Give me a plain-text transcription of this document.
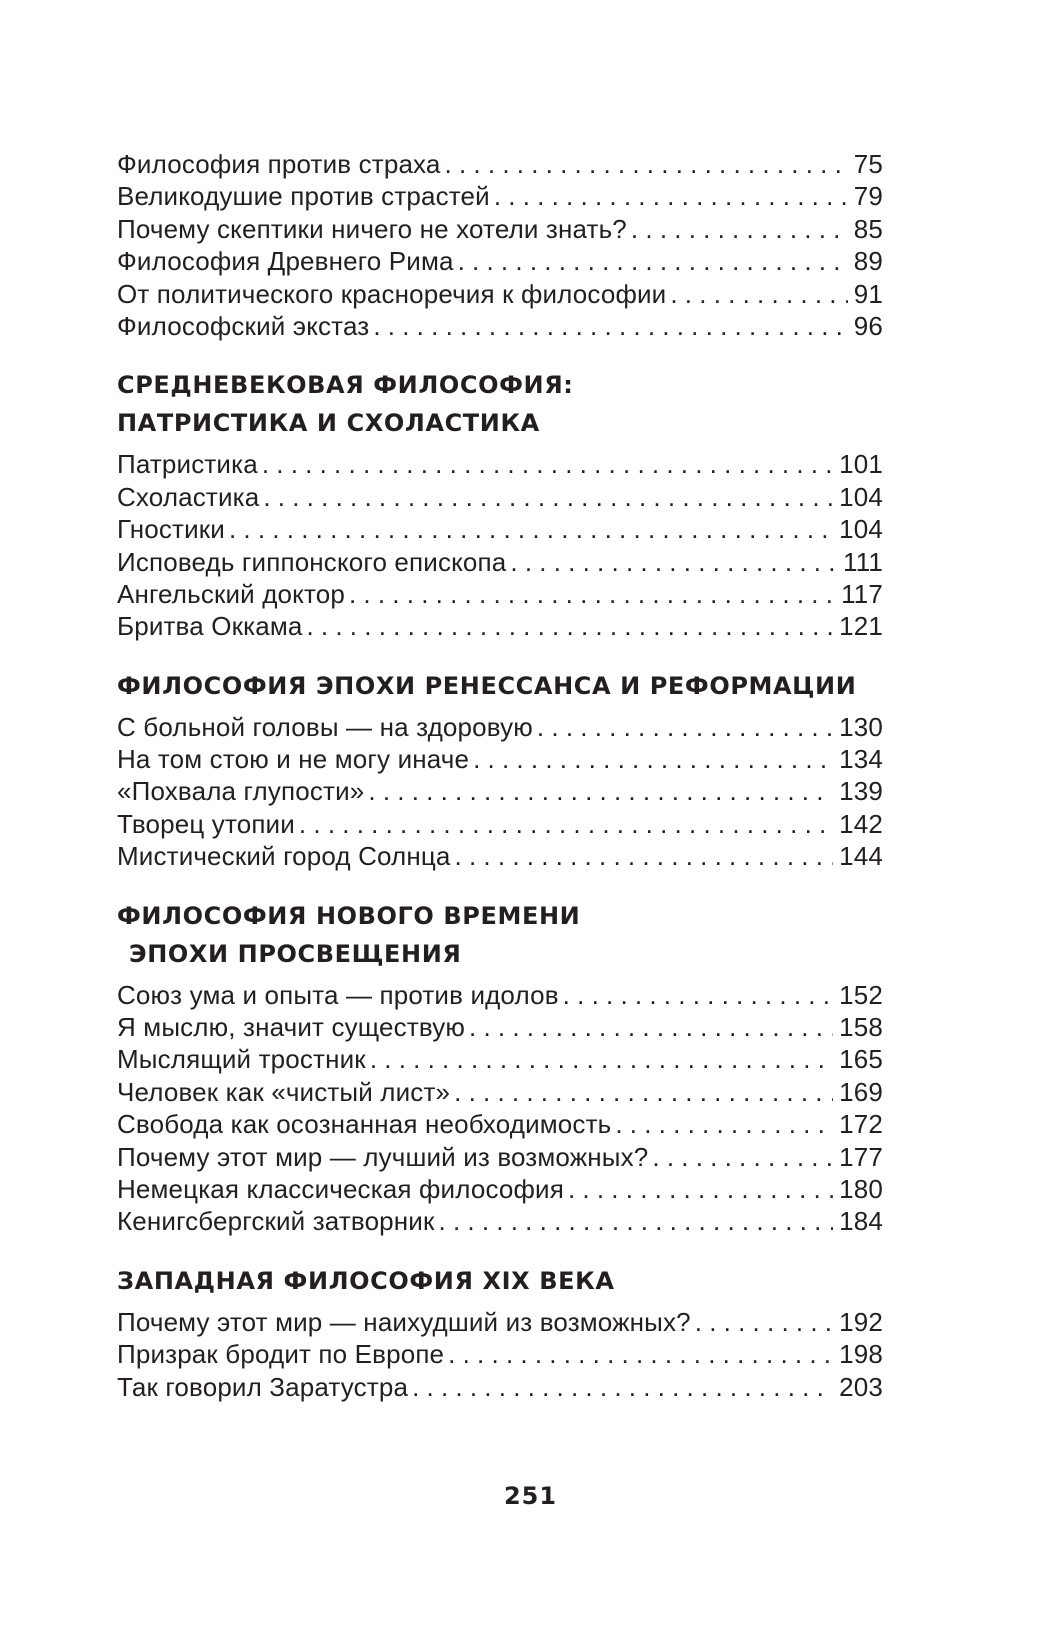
Философия против страха . . .	75
Великодушие против страстей . . .	79
Почему скептики ничего не хотели знать? . . .	85
Философия Древнего Рима . . .	89
От политического красноречия к философии . . .	91
Философский экстаз . . .	96
СРЕДНЕВЕКОВАЯ ФИЛОСОФИЯ:
ПАТРИСТИКА И СХОЛАСТИКА
Патристика . . .	101
Схоластика . . .	104
Гностики . . .	104
Исповедь гиппонского епископа . . .	111
Ангельский доктор . . .	117
Бритва Оккама . . .	121
ФИЛОСОФИЯ ЭПОХИ РЕНЕССАНСА И РЕФОРМАЦИИ
С больной головы — на здоровую . . .	130
На том стою и не могу иначе . . .	134
«Похвала глупости» . . .	139
Творец утопии . . .	142
Мистический город Солнца . . .	144
ФИЛОСОФИЯ НОВОГО ВРЕМЕНИ
ЭПОХИ ПРОСВЕЩЕНИЯ
Союз ума и опыта — против идолов . . .	152
Я мыслю, значит существую . . .	158
Мыслящий тростник . . .	165
Человек как «чистый лист» . . .	169
Свобода как осознанная необходимость . . .	172
Почему этот мир — лучший из возможных? . . .	177
Немецкая классическая философия . . .	180
Кенигсбергский затворник . . .	184
ЗАПАДНАЯ ФИЛОСОФИЯ XIX ВЕКА
Почему этот мир — наихудший из возможных? . . .	192
Призрак бродит по Европе . . .	198
Так говорил Заратустра . . .	203
251
